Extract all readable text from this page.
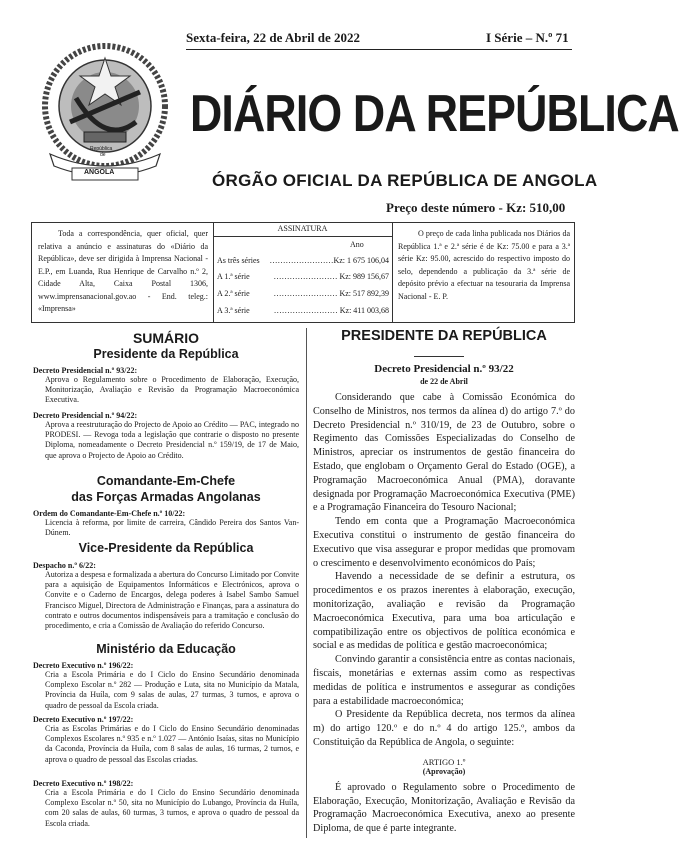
Sexta-feira, 22 de Abril de 2022	I Série – N.º 71
República
de
ANGOLA
DIÁRIO DA REPÚBLICA
ÓRGÃO OFICIAL DA REPÚBLICA DE ANGOLA
Preço deste número - Kz: 510,00
Toda a correspondência, quer oficial, quer relativa a anúncio e assinaturas do «Diário da República», deve ser dirigida à Imprensa Nacional - E.P., em Luanda, Rua Henrique de Carvalho n.º 2, Cidade Alta, Caixa Postal 1306, www.imprensanacional.gov.ao - End. teleg.: «Imprensa»
ASSINATURA
Ano
As três séries ……………………Kz: 1 675 106,04
A 1.ª série	…………………… Kz: 989 156,67
A 2.ª série	…………………… Kz: 517 892,39
A 3.ª série	…………………… Kz: 411 003,68
O preço de cada linha publicada nos Diários da República 1.ª e 2.ª série é de Kz: 75.00 e para a 3.ª série Kz: 95.00, acrescido do respectivo imposto do selo, dependendo a publicação da 3.ª série de depósito prévio a efectuar na tesouraria da Imprensa Nacional - E. P.
SUMÁRIO
Presidente da República
Decreto Presidencial n.º 93/22:
Aprova o Regulamento sobre o Procedimento de Elaboração, Execução, Monitorização, Avaliação e Revisão da Programação Macroeconómica Executiva.
Decreto Presidencial n.º 94/22:
Aprova a reestruturação do Projecto de Apoio ao Crédito — PAC, integrado no PRODESI. — Revoga toda a legislação que contrarie o disposto no presente Diploma, nomeadamente o Decreto Presidencial n.º 159/19, de 17 de Maio, que aprova o Projecto de Apoio ao Crédito.
Comandante-Em-Chefe
das Forças Armadas Angolanas
Ordem do Comandante-Em-Chefe n.º 10/22:
Licencia à reforma, por limite de carreira, Cândido Pereira dos Santos Van-Dúnem.
Vice-Presidente da República
Despacho n.º 6/22:
Autoriza a despesa e formalizada a abertura do Concurso Limitado por Convite para a aquisição de Equipamentos Informáticos e Electrónicos, aprova o Convite e o Caderno de Encargos, delega poderes à Isabel Sambo Samuel Francisco Miguel, Directora de Administração e Finanças, para a assinatura do contrato e outros documentos indispensáveis para a tramitação e conclusão do procedimento, e cria a Comissão de Avaliação do referido Concurso.
Ministério da Educação
Decreto Executivo n.º 196/22:
Cria a Escola Primária e do I Ciclo do Ensino Secundário denominada Complexo Escolar n.º 282 — Produção e Luta, sita no Município da Matala, Província da Huíla, com 9 salas de aulas, 27 turmas, 3 turnos, e aprova o quadro de pessoal da Escola criada.
Decreto Executivo n.º 197/22:
Cria as Escolas Primárias e do I Ciclo do Ensino Secundário denominadas Complexos Escolares n.º 935 e n.º 1.027 — António Isaías, sitas no Município da Caconda, Província da Huíla, com 8 salas de aulas, 16 turmas, 2 turnos, e aprova o quadro de pessoal das Escolas criadas.
Decreto Executivo n.º 198/22:
Cria a Escola Primária e do I Ciclo do Ensino Secundário denominada Complexo Escolar n.º 50, sita no Município do Lubango, Província da Huíla, com 20 salas de aulas, 60 turmas, 3 turnos, e aprova o quadro de pessoal da Escola criada.
PRESIDENTE DA REPÚBLICA
Decreto Presidencial n.º 93/22
de 22 de Abril
Considerando que cabe à Comissão Económica do Conselho de Ministros, nos termos da alínea d) do artigo 7.º do Decreto Presidencial n.º 310/19, de 23 de Outubro, sobre o Regimento das Comissões Especializadas do Conselho de Ministros, apreciar os instrumentos de gestão financeira do Estado, que englobam o Orçamento Geral do Estado (OGE), a Programação Macroeconómica Anual (PMA), doravante designada por Programação Macroeconómica Executiva (PME) e a Programação Financeira do Tesouro Nacional;
Tendo em conta que a Programação Macroeconómica Executiva constitui o instrumento de gestão financeira do Executivo que visa assegurar e propor medidas que promovam o crescimento e desenvolvimento económicos do País;
Havendo a necessidade de se definir a estrutura, os procedimentos e os prazos inerentes à elaboração, execução, monitorização, avaliação e revisão da Programação Macroeconómica Executiva, para uma boa articulação e compatibilização entre os objectivos de política económica e social e as medidas de política e gestão macroeconómica;
Convindo garantir a consistência entre as contas nacionais, fiscais, monetárias e externas assim como as respectivas medidas de política e instrumentos e assegurar as condições para a estabilidade macroeconómica;
O Presidente da República decreta, nos termos da alínea m) do artigo 120.º e do n.º 4 do artigo 125.º, ambos da Constituição da República de Angola, o seguinte:
ARTIGO 1.º
(Aprovação)
É aprovado o Regulamento sobre o Procedimento de Elaboração, Execução, Monitorização, Avaliação e Revisão da Programação Macroeconómica Executiva, anexo ao presente Diploma, de que é parte integrante.
